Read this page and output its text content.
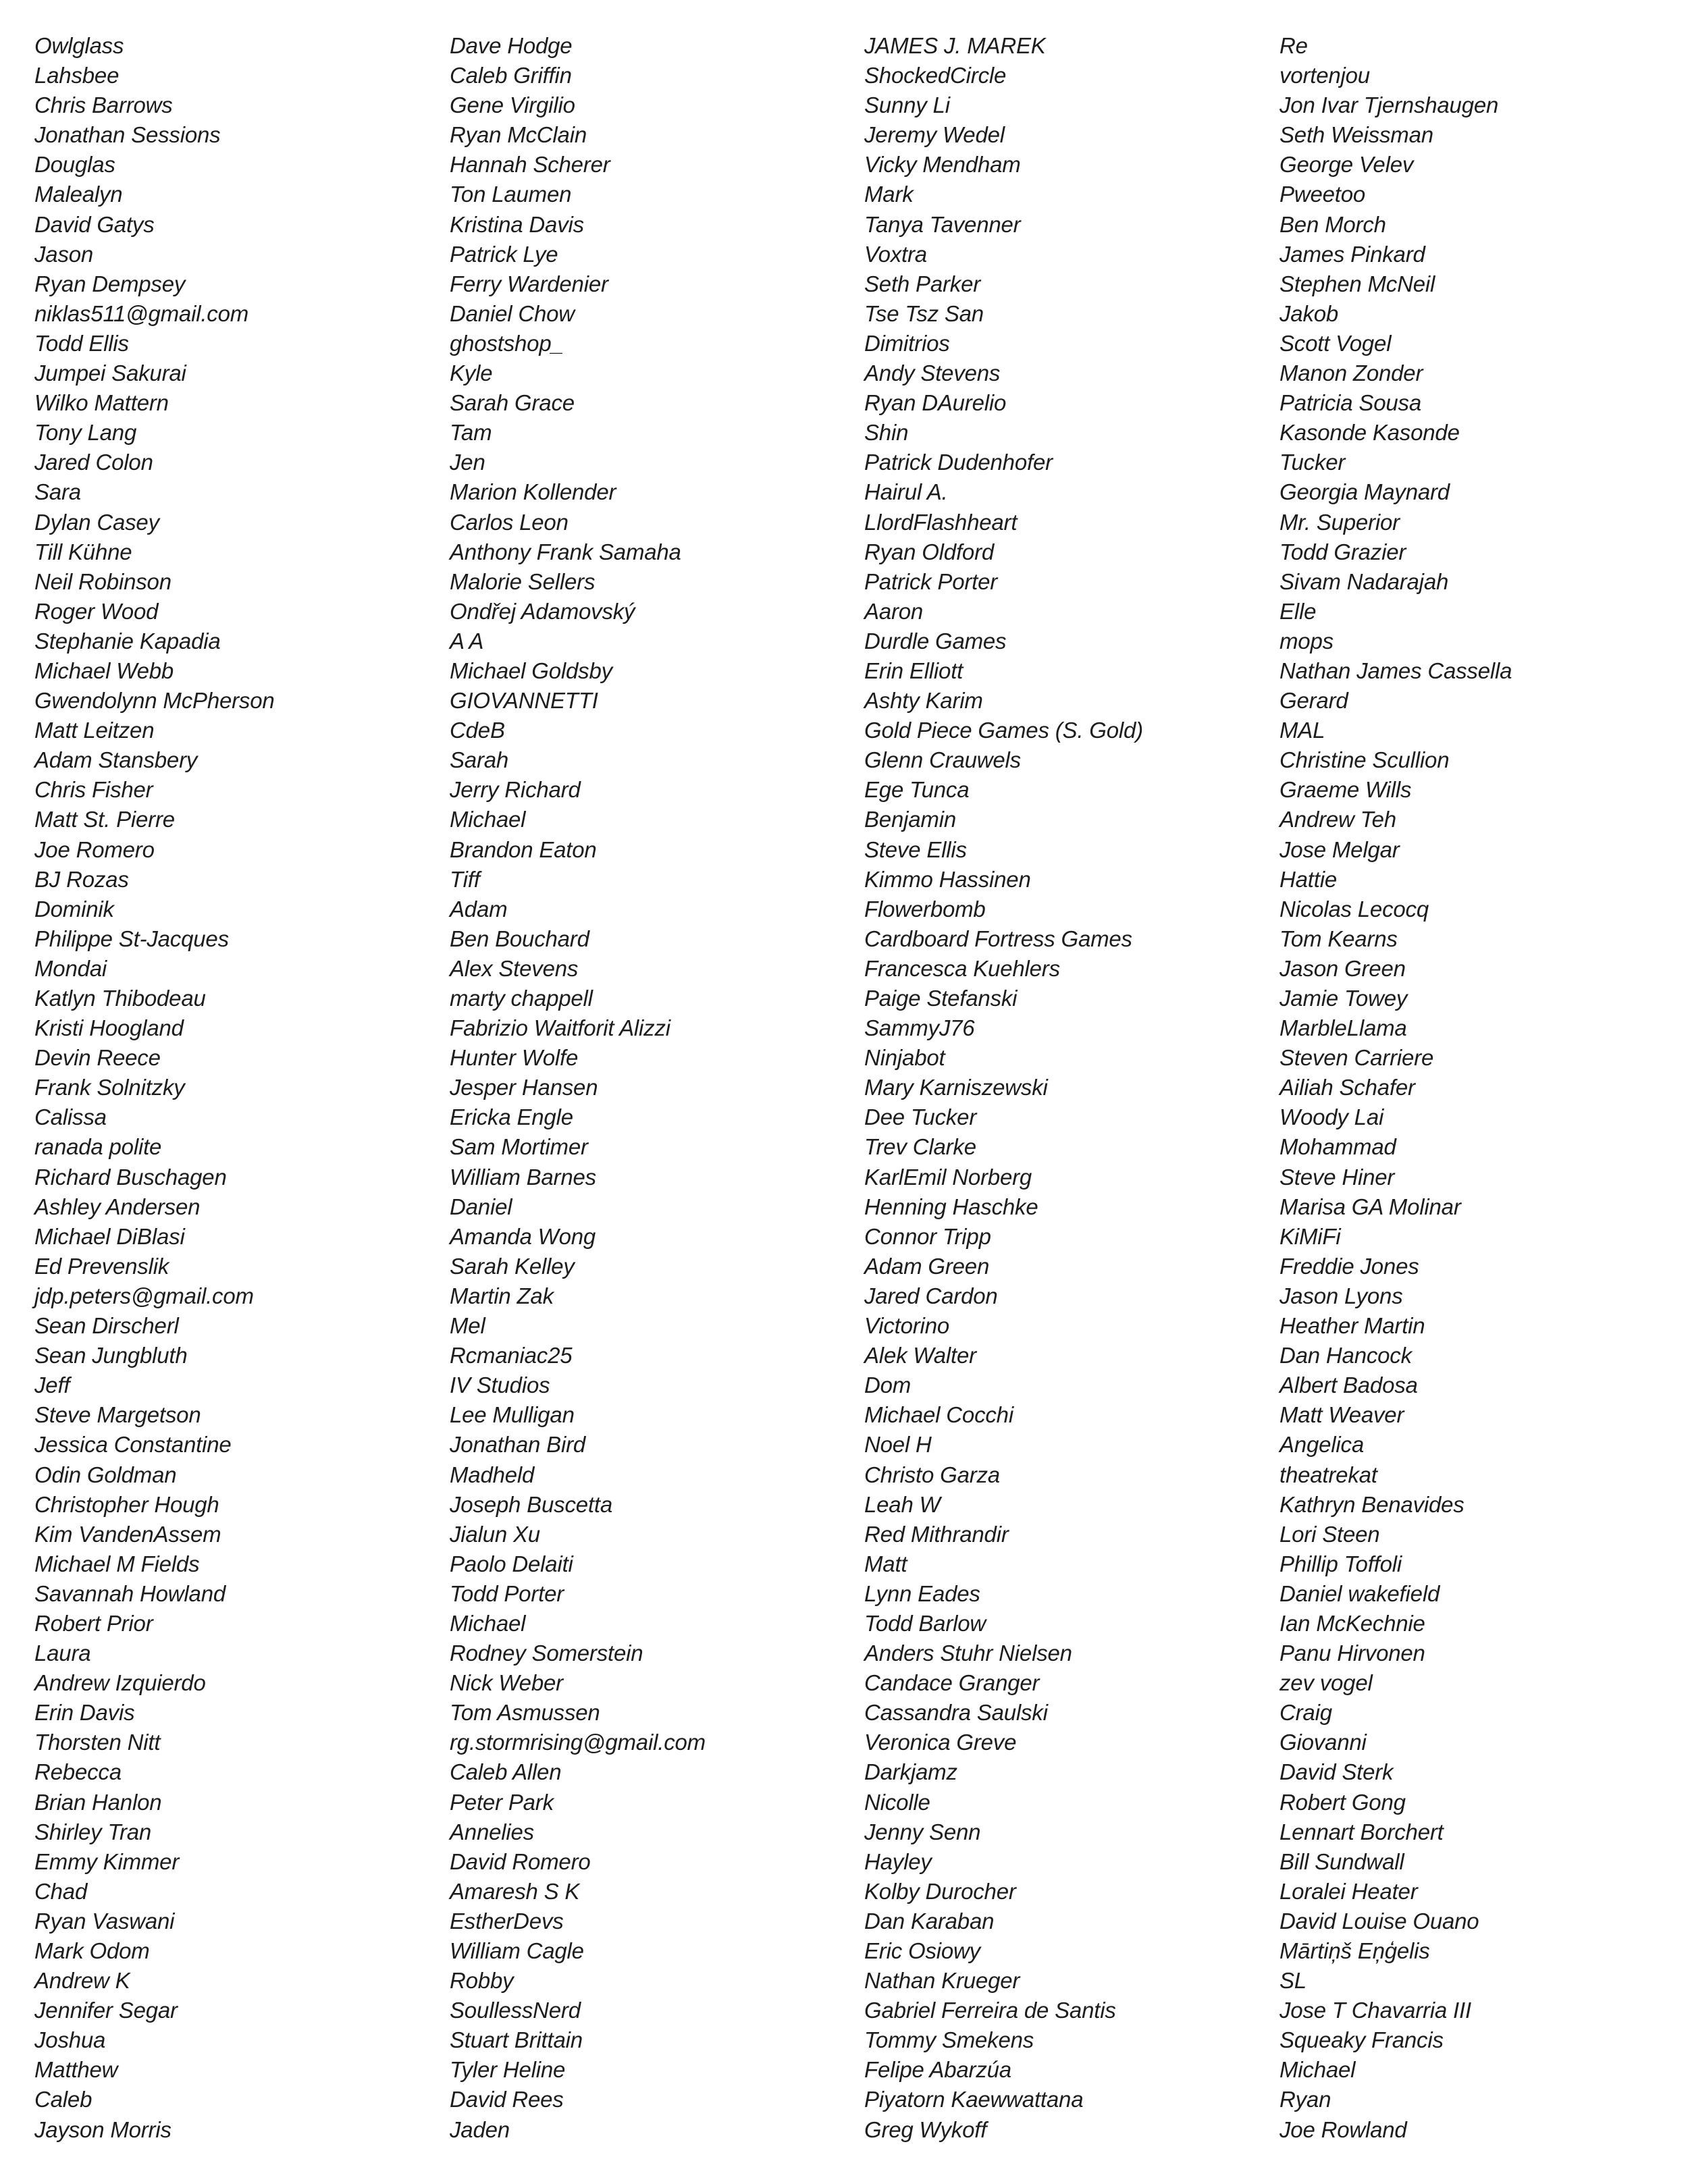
Owlglass
Lahsbee
Chris Barrows
Jonathan Sessions
Douglas
Malealyn
David Gatys
Jason
Ryan Dempsey
niklas511@gmail.com
Todd Ellis
Jumpei Sakurai
Wilko Mattern
Tony Lang
Jared Colon
Sara
Dylan Casey
Till Kühne
Neil Robinson
Roger Wood
Stephanie Kapadia
Michael Webb
Gwendolynn McPherson
Matt Leitzen
Adam Stansbery
Chris Fisher
Matt St. Pierre
Joe Romero
BJ Rozas
Dominik
Philippe St-Jacques
Mondai
Katlyn Thibodeau
Kristi Hoogland
Devin Reece
Frank Solnitzky
Calissa
ranada polite
Richard Buschagen
Ashley Andersen
Michael DiBlasi
Ed Prevenslik
jdp.peters@gmail.com
Sean Dirscherl
Sean Jungbluth
Jeff
Steve Margetson
Jessica Constantine
Odin Goldman
Christopher Hough
Kim VandenAssem
Michael M Fields
Savannah Howland
Robert Prior
Laura
Andrew Izquierdo
Erin Davis
Thorsten Nitt
Rebecca
Brian Hanlon
Shirley Tran
Emmy Kimmer
Chad
Ryan Vaswani
Mark Odom
Andrew K
Jennifer Segar
Joshua
Matthew
Caleb
Jayson Morris
Dave Hodge
Caleb Griffin
Gene Virgilio
Ryan McClain
Hannah Scherer
Ton Laumen
Kristina Davis
Patrick Lye
Ferry Wardenier
Daniel Chow
ghostshop_
Kyle
Sarah Grace
Tam
Jen
Marion Kollender
Carlos Leon
Anthony Frank Samaha
Malorie Sellers
Ondřej Adamovský
A A
Michael Goldsby
GIOVANNETTI
CdeB
Sarah
Jerry Richard
Michael
Brandon Eaton
Tiff
Adam
Ben Bouchard
Alex Stevens
marty chappell
Fabrizio Waitforit Alizzi
Hunter Wolfe
Jesper Hansen
Ericka Engle
Sam Mortimer
William Barnes
Daniel
Amanda Wong
Sarah Kelley
Martin Zak
Mel
Rcmaniac25
IV Studios
Lee Mulligan
Jonathan Bird
Madheld
Joseph Buscetta
Jialun Xu
Paolo Delaiti
Todd Porter
Michael
Rodney Somerstein
Nick Weber
Tom Asmussen
rg.stormrising@gmail.com
Caleb Allen
Peter Park
Annelies
David Romero
Amaresh S K
EstherDevs
William Cagle
Robby
SoullessNerd
Stuart Brittain
Tyler Heline
David Rees
Jaden
JAMES J. MAREK
ShockedCircle
Sunny Li
Jeremy Wedel
Vicky Mendham
Mark
Tanya Tavenner
Voxtra
Seth Parker
Tse Tsz San
Dimitrios
Andy Stevens
Ryan DAurelio
Shin
Patrick Dudenhofer
Hairul A.
LlordFlashheart
Ryan Oldford
Patrick Porter
Aaron
Durdle Games
Erin Elliott
Ashty Karim
Gold Piece Games (S. Gold)
Glenn Crauwels
Ege Tunca
Benjamin
Steve Ellis
Kimmo Hassinen
Flowerbomb
Cardboard Fortress Games
Francesca Kuehlers
Paige Stefanski
SammyJ76
Ninjabot
Mary Karniszewski
Dee Tucker
Trev Clarke
KarlEmil Norberg
Henning Haschke
Connor Tripp
Adam Green
Jared Cardon
Victorino
Alek Walter
Dom
Michael Cocchi
Noel H
Christo Garza
Leah W
Red Mithrandir
Matt
Lynn Eades
Todd Barlow
Anders Stuhr Nielsen
Candace Granger
Cassandra Saulski
Veronica Greve
Darkjamz
Nicolle
Jenny Senn
Hayley
Kolby Durocher
Dan Karaban
Eric Osiowy
Nathan Krueger
Gabriel Ferreira de Santis
Tommy Smekens
Felipe Abarzúa
Piyatorn Kaewwattana
Greg Wykoff
Re
vortenjou
Jon Ivar Tjernshaugen
Seth Weissman
George Velev
Pweetoo
Ben Morch
James Pinkard
Stephen McNeil
Jakob
Scott Vogel
Manon Zonder
Patricia Sousa
Kasonde Kasonde
Tucker
Georgia Maynard
Mr. Superior
Todd Grazier
Sivam Nadarajah
Elle
mops
Nathan James Cassella
Gerard
MAL
Christine Scullion
Graeme Wills
Andrew Teh
Jose Melgar
Hattie
Nicolas Lecocq
Tom Kearns
Jason Green
Jamie Towey
MarbleLlama
Steven Carriere
Ailiah Schafer
Woody Lai
Mohammad
Steve Hiner
Marisa GA Molinar
KiMiFi
Freddie Jones
Jason Lyons
Heather Martin
Dan Hancock
Albert Badosa
Matt Weaver
Angelica
theatrekat
Kathryn Benavides
Lori Steen
Phillip Toffoli
Daniel wakefield
Ian McKechnie
Panu Hirvonen
zev vogel
Craig
Giovanni
David Sterk
Robert Gong
Lennart Borchert
Bill Sundwall
Loralei Heater
David Louise Ouano
Mārtiņš Eņģelis
SL
Jose T Chavarria III
Squeaky Francis
Michael
Ryan
Joe Rowland
